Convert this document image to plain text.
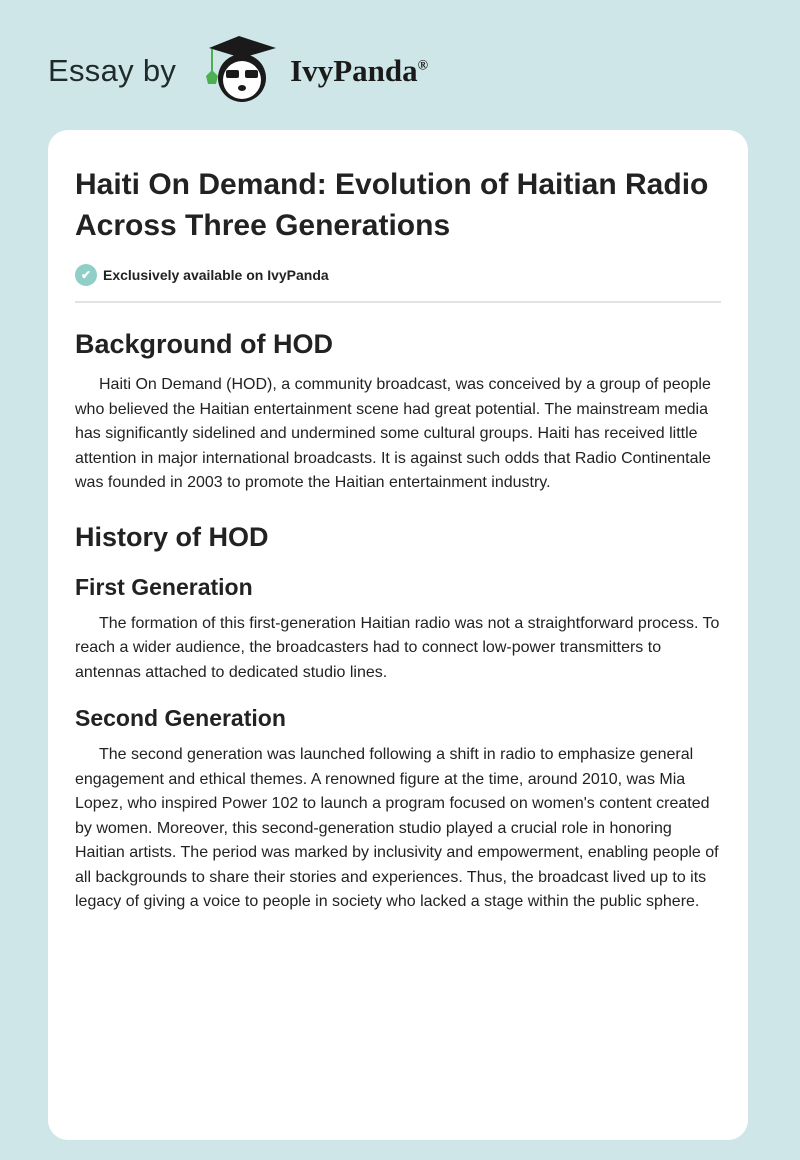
Essay by	IvyPanda®
Haiti On Demand: Evolution of Haitian Radio Across Three Generations
✔ Exclusively available on IvyPanda
Background of HOD

Haiti On Demand (HOD), a community broadcast, was conceived by a group of people who believed the Haitian entertainment scene had great potential. The mainstream media has significantly sidelined and undermined some cultural groups. Haiti has received little attention in major international broadcasts. It is against such odds that Radio Continentale was founded in 2003 to promote the Haitian entertainment industry.

History of HOD
First Generation

The formation of this first-generation Haitian radio was not a straightforward process. To reach a wider audience, the broadcasters had to connect low-power transmitters to antennas attached to dedicated studio lines.

Second Generation

The second generation was launched following a shift in radio to emphasize general engagement and ethical themes. A renowned figure at the time, around 2010, was Mia Lopez, who inspired Power 102 to launch a program focused on women's content created by women. Moreover, this second-generation studio played a crucial role in honoring Haitian artists. The period was marked by inclusivity and empowerment, enabling people of all backgrounds to share their stories and experiences. Thus, the broadcast lived up to its legacy of giving a voice to people in society who lacked a stage within the public sphere.
